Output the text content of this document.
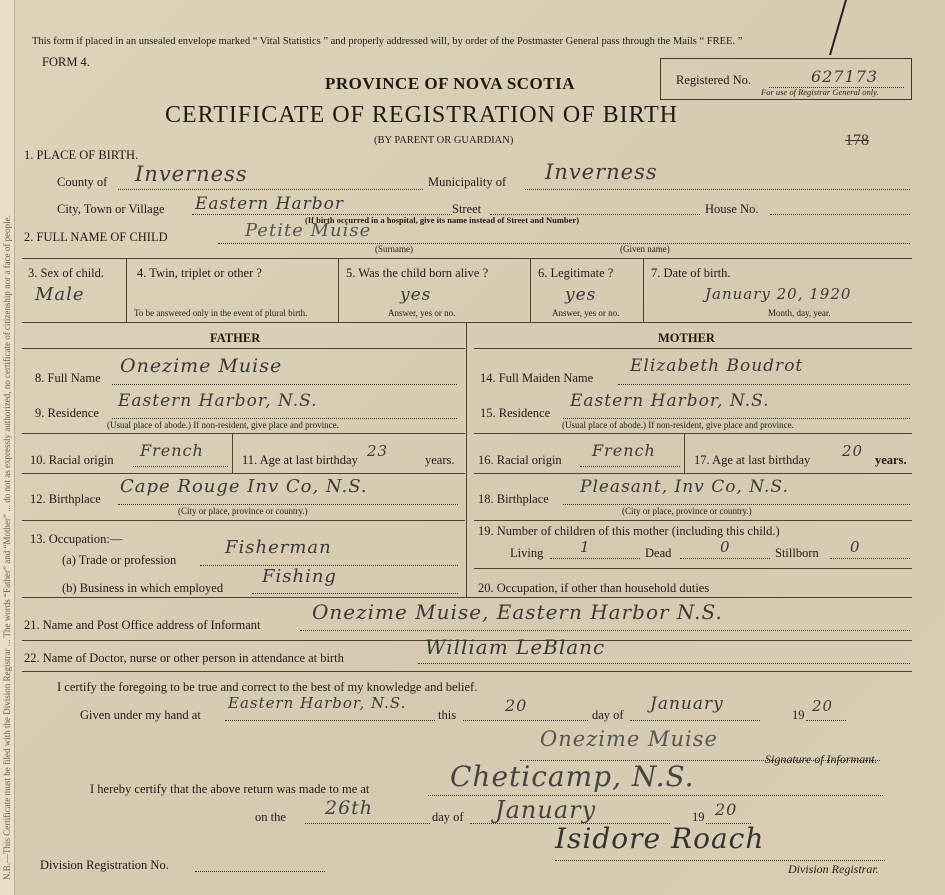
N.B.—This Certificate must be filed with the Division Registrar ... The words “Father” and “Mother” ... do not as expressly authorized, no certificate of citizenship nor a face of people.
This form if placed in an unsealed envelope marked “ Vital Statistics ” and properly addressed will, by order of the Postmaster General pass through the Mails “ FREE. ”
FORM 4.
Registered No.	627173
For use of Registrar General only.
PROVINCE OF NOVA SCOTIA
CERTIFICATE OF REGISTRATION OF BIRTH
(BY PARENT OR GUARDIAN)	178
1. PLACE OF BIRTH.
County of Inverness	Municipality of Inverness
City, Town or Village Eastern Harbor	Street
(If birth occurred in a hospital, give its name instead of Street and Number)
House No.
2. FULL NAME OF CHILD	Petite Muise
(Surname)	(Given name)
3. Sex of child.
Male
4. Twin, triplet or other ?
To be answered only in the event of plural birth.
5. Was the child born alive ?
yes
Answer, yes or no.
6. Legitimate ?
yes
Answer, yes or no.
7. Date of birth.
January 20, 1920
Month, day, year.
FATHER	MOTHER
8. Full Name
Onezime Muise
9. Residence
Eastern Harbor, N.S.
(Usual place of abode.) If non-resident, give place and province.
10. Racial origin French	11. Age at last birthday 23	years.
12. Birthplace
Cape Rouge Inv Co, N.S.
(City or place, province or country.)
13. Occupation:—
(a) Trade or profession
Fisherman
(b) Business in which employed
Fishing
14. Full Maiden Name
Elizabeth Boudrot
15. Residence
Eastern Harbor, N.S.
(Usual place of abode.) If non-resident, give place and province.
16. Racial origin French	17. Age at last birthday 20 years.
18. Birthplace
Pleasant, Inv Co, N.S.
(City or place, province or country.)
19. Number of children of this mother (including this child.)
Living 1	Dead	0	Stillborn 0
20. Occupation, if other than household duties
21. Name and Post Office address of Informant
Onezime Muise, Eastern Harbor N.S.
22. Name of Doctor, nurse or other person in attendance at birth	William LeBlanc
I certify the foregoing to be true and correct to the best of my knowledge and belief.
Given under my hand at
Eastern Harbor, N.S.
this	20	day of
January
19 20
Onezime Muise
Signature of Informant.
I hereby certify that the above return was made to me at	Cheticamp, N.S.
on the 26th	day of January	19 20
Isidore Roach
Division Registrar.
Division Registration No.
